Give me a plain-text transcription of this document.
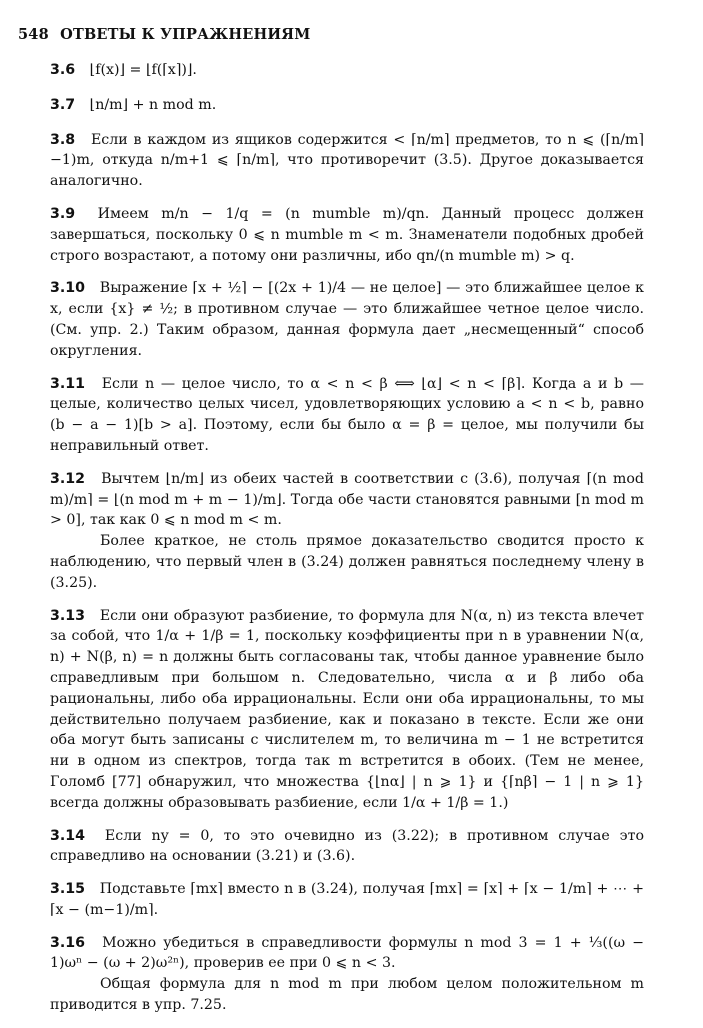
548 ОТВЕТЫ К УПРАЖНЕНИЯМ

3.6 ⌊f(x)⌋ = ⌊f(⌈x⌉)⌋.

3.7 ⌊n/m⌋ + n mod m.

3.8 Если в каждом из ящиков содержится < ⌈n/m⌉ предметов, то n ⩽ (⌈n/m⌉−1)m, откуда n/m+1 ⩽ ⌈n/m⌉, что противоречит (3.5). Другое доказывается аналогично.

3.9 Имеем m/n − 1/q = (n mumble m)/qn. Данный процесс должен завершаться, поскольку 0 ⩽ n mumble m < m. Знаменатели подобных дробей строго возрастают, а потому они различны, ибо qn/(n mumble m) > q.

3.10 Выражение ⌈x + ½⌉ − [(2x + 1)/4 — не целое] — это ближайшее целое к x, если {x} ≠ ½; в противном случае — это ближайшее четное целое число. (См. упр. 2.) Таким образом, данная формула дает „несмещенный“ способ округления.

3.11 Если n — целое число, то α < n < β ⟺ ⌊α⌋ < n < ⌈β⌉. Когда a и b — целые, количество целых чисел, удовлетворяющих условию a < n < b, равно (b − a − 1)[b > a]. Поэтому, если бы было α = β = целое, мы получили бы неправильный ответ.

3.12 Вычтем ⌊n/m⌋ из обеих частей в соответствии с (3.6), получая ⌈(n mod m)/m⌉ = ⌊(n mod m + m − 1)/m⌋. Тогда обе части становятся равными [n mod m > 0], так как 0 ⩽ n mod m < m.

Более краткое, не столь прямое доказательство сводится просто к наблюдению, что первый член в (3.24) должен равняться последнему члену в (3.25).

3.13 Если они образуют разбиение, то формула для N(α, n) из текста влечет за собой, что 1/α + 1/β = 1, поскольку коэффициенты при n в уравнении N(α, n) + N(β, n) = n должны быть согласованы так, чтобы данное уравнение было справедливым при большом n. Следовательно, числа α и β либо оба рациональны, либо оба иррациональны. Если они оба иррациональны, то мы действительно получаем разбиение, как и показано в тексте. Если же они оба могут быть записаны с числителем m, то величина m − 1 не встретится ни в одном из спектров, тогда так m встретится в обоих. (Тем не менее, Голомб [77] обнаружил, что множества {⌊nα⌋ | n ⩾ 1} и {⌈nβ⌉ − 1 | n ⩾ 1} всегда должны образовывать разбиение, если 1/α + 1/β = 1.)

3.14 Если ny = 0, то это очевидно из (3.22); в противном случае это справедливо на основании (3.21) и (3.6).

3.15 Подставьте ⌈mx⌉ вместо n в (3.24), получая ⌈mx⌉ = ⌈x⌉ + ⌈x − 1/m⌉ + ⋯ + ⌈x − (m−1)/m⌉.

3.16 Можно убедиться в справедливости формулы n mod 3 = 1 + ⅓((ω − 1)ωⁿ − (ω + 2)ω²ⁿ), проверив ее при 0 ⩽ n < 3.

Общая формула для n mod m при любом целом положительном m приводится в упр. 7.25.
